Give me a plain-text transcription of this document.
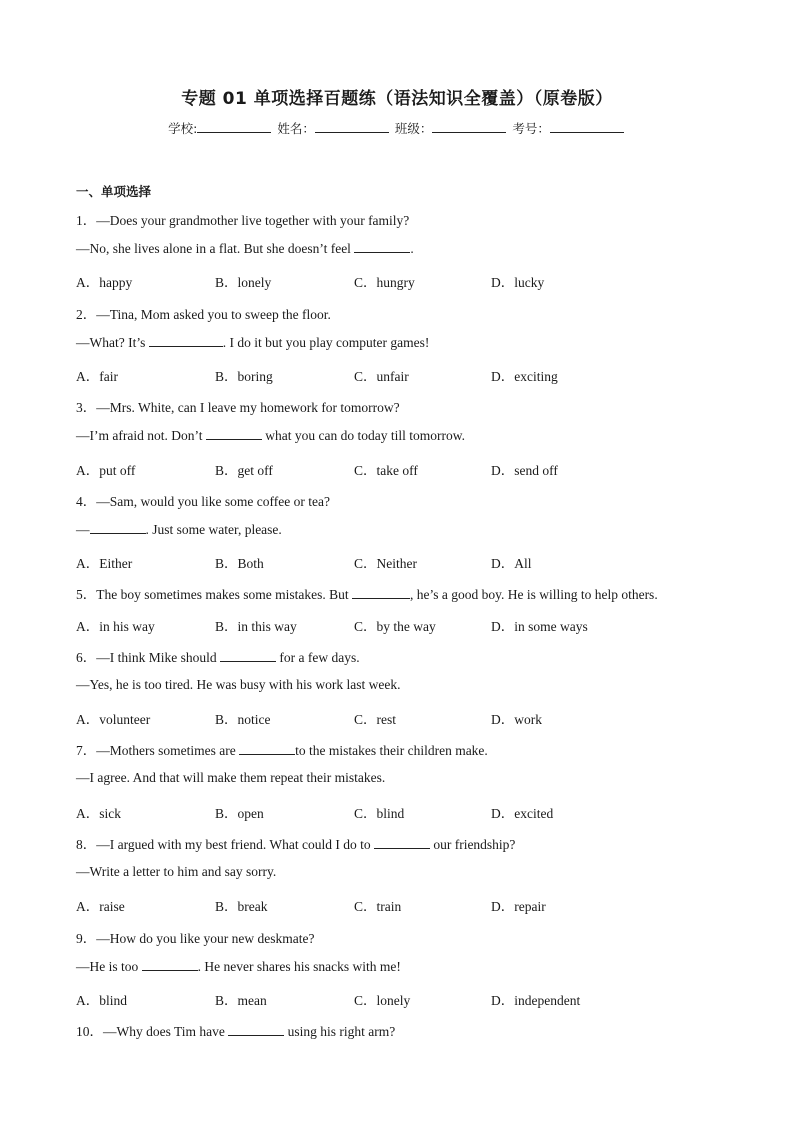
专题 01 单项选择百题练（语法知识全覆盖）（原卷版）
学校:	姓名：	班级：	考号：
一、单项选择
1．—Does your grandmother live together with your family?
—No, she lives alone in a flat. But she doesn’t feel	.
A．happy	B．lonely	C．hungry	D．lucky
2．—Tina, Mom asked you to sweep the floor.
—What? It’s	. I do it but you play computer games!
A．fair	B．boring	C．unfair	D．exciting
3．—Mrs. White, can I leave my homework for tomorrow?
—I’m afraid not. Don’t	what you can do today till tomorrow.
A．put off	B．get off	C．take off	D．send off
4．—Sam, would you like some coffee or tea?
—	. Just some water, please.
A．Either	B．Both	C．Neither	D．All
5．The boy sometimes makes some mistakes. But	, he’s a good boy. He is willing to help others.
A．in his way	B．in this way	C．by the way	D．in some ways
6．—I think Mike should	for a few days.
—Yes, he is too tired. He was busy with his work last week.
A．volunteer	B．notice	C．rest	D．work
7．—Mothers sometimes are	to the mistakes their children make.
—I agree. And that will make them repeat their mistakes.
A．sick	B．open	C．blind	D．excited
8．—I argued with my best friend. What could I do to	our friendship?
—Write a letter to him and say sorry.
A．raise	B．break	C．train	D．repair
9．—How do you like your new deskmate?
—He is too	. He never shares his snacks with me!
A．blind	B．mean	C．lonely	D．independent
10．—Why does Tim have	using his right arm?
